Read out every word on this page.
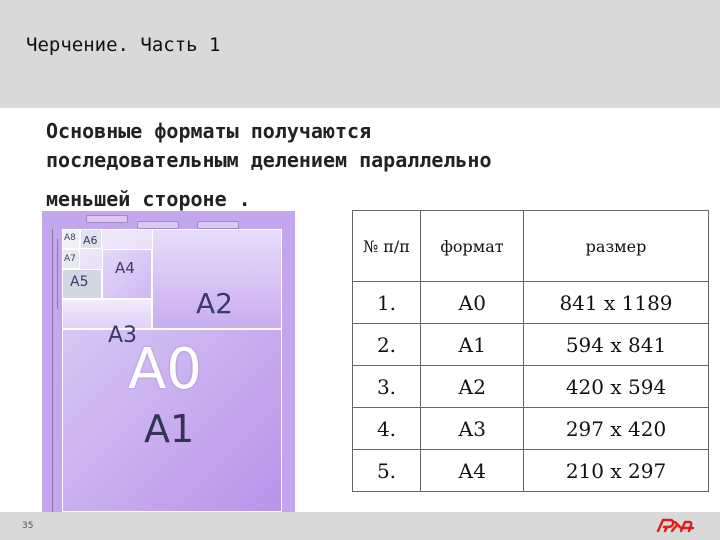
Черчение. Часть 1

Основные форматы получаются
последовательным делением параллельно
меньшей стороне .

A8 A6
A7	A4
A5
A2
A3
A0
A1
№ п/п	формат	размер
1.	А0	841 x 1189
2.	А1	594 x 841
3.	А2	420 x 594
4.	А3	297 x 420
5.	А4	210 x 297
35
